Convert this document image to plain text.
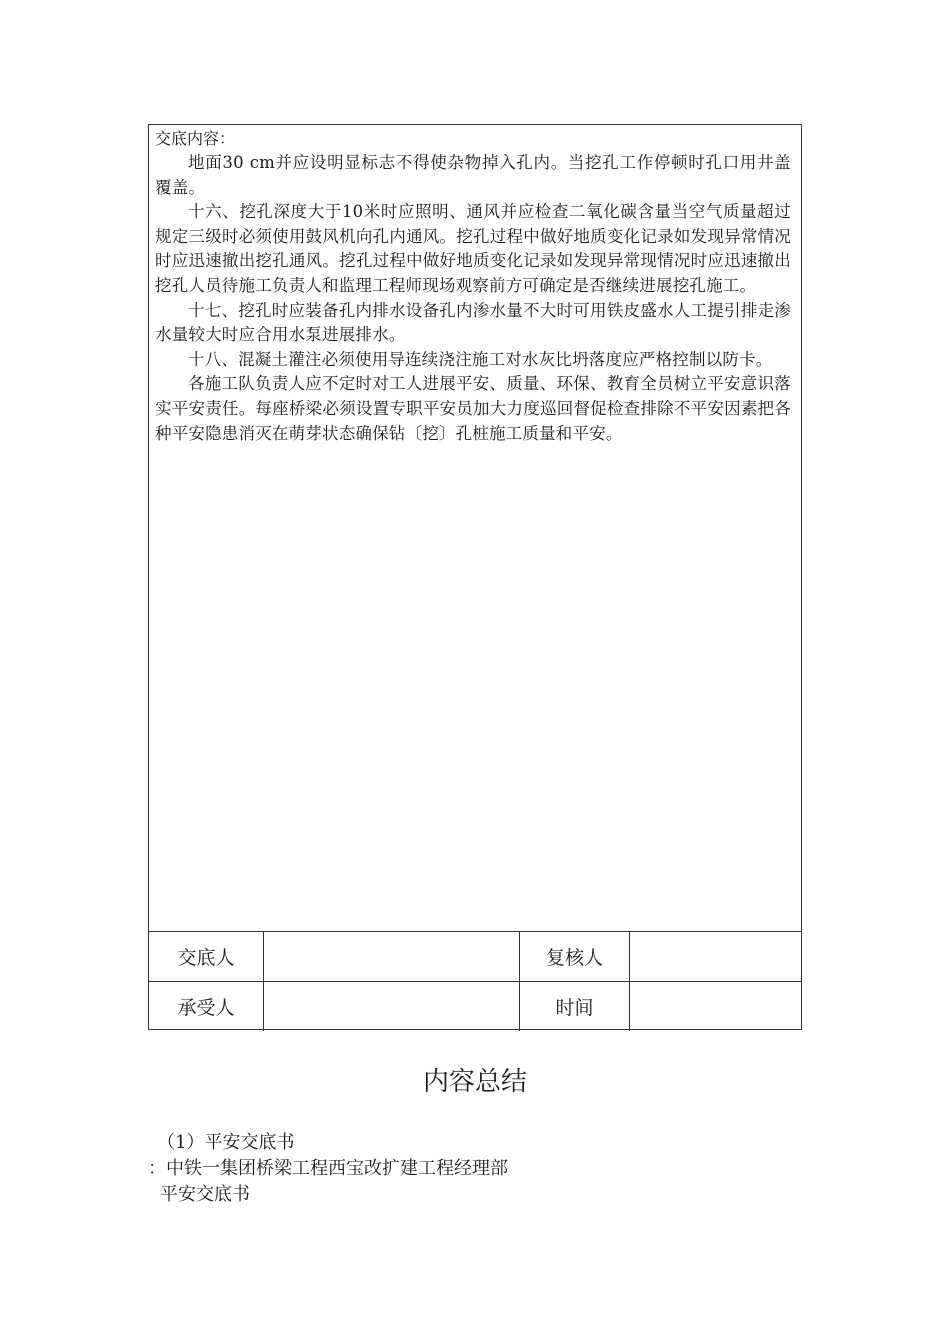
交底内容：

地面30 cm并应设明显标志不得使杂物掉入孔内。当挖孔工作停顿时孔口用井盖覆盖。

十六、挖孔深度大于10米时应照明、通风并应检查二氧化碳含量当空气质量超过规定三级时必须使用鼓风机向孔内通风。挖孔过程中做好地质变化记录如发现异常情况时应迅速撤出挖孔通风。挖孔过程中做好地质变化记录如发现异常现情况时应迅速撤出挖孔人员待施工负责人和监理工程师现场观察前方可确定是否继续进展挖孔施工。

十七、挖孔时应装备孔内排水设备孔内渗水量不大时可用铁皮盛水人工提引排走渗水量较大时应合用水泵进展排水。

十八、混凝土灌注必须使用导连续浇注施工对水灰比坍落度应严格控制以防卡。

各施工队负责人应不定时对工人进展平安、质量、环保、教育全员树立平安意识落实平安责任。每座桥梁必须设置专职平安员加大力度巡回督促检查排除不平安因素把各种平安隐患消灭在萌芽状态确保钻〔挖〕孔桩施工质量和平安。

交底人	复核人
承受人	时间
内容总结
（1）平安交底书
：中铁一集团桥梁工程西宝改扩建工程经理部
平安交底书
